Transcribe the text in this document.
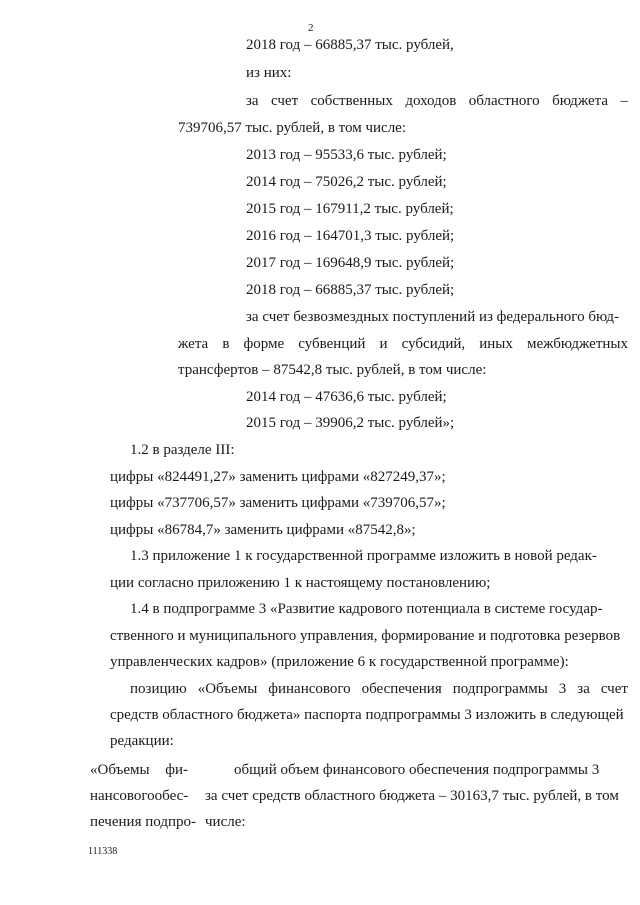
2
2018 год – 66885,37 тыс. рублей,
из них:
за счет собственных доходов областного бюджета –
739706,57 тыс. рублей, в том числе:
2013 год – 95533,6 тыс. рублей;
2014 год – 75026,2 тыс. рублей;
2015 год – 167911,2 тыс. рублей;
2016 год – 164701,3 тыс. рублей;
2017 год – 169648,9 тыс. рублей;
2018 год – 66885,37 тыс. рублей;
за счет безвозмездных поступлений из федерального бюд-
жета в форме субвенций и субсидий, иных межбюджетных
трансфертов – 87542,8 тыс. рублей, в том числе:
2014 год – 47636,6 тыс. рублей;
2015 год – 39906,2 тыс. рублей»;
1.2 в разделе III:
цифры «824491,27» заменить цифрами «827249,37»;
цифры «737706,57» заменить цифрами «739706,57»;
цифры «86784,7» заменить цифрами «87542,8»;
1.3 приложение 1 к государственной программе изложить в новой редак-
ции согласно приложению 1 к настоящему постановлению;
1.4 в подпрограмме 3 «Развитие кадрового потенциала в системе государ-
ственного и муниципального управления, формирование и подготовка резервов
управленческих кадров» (приложение 6 к государственной программе):
позицию «Объемы финансового обеспечения подпрограммы 3 за счет
средств областного бюджета» паспорта подпрограммы 3 изложить в следующей
редакции:
«Объемы фи-
нансового обес-
печения подпро-
общий объем финансового обеспечения подпрограммы 3
за счет средств областного бюджета – 30163,7 тыс. рублей, в том
числе:
111338
